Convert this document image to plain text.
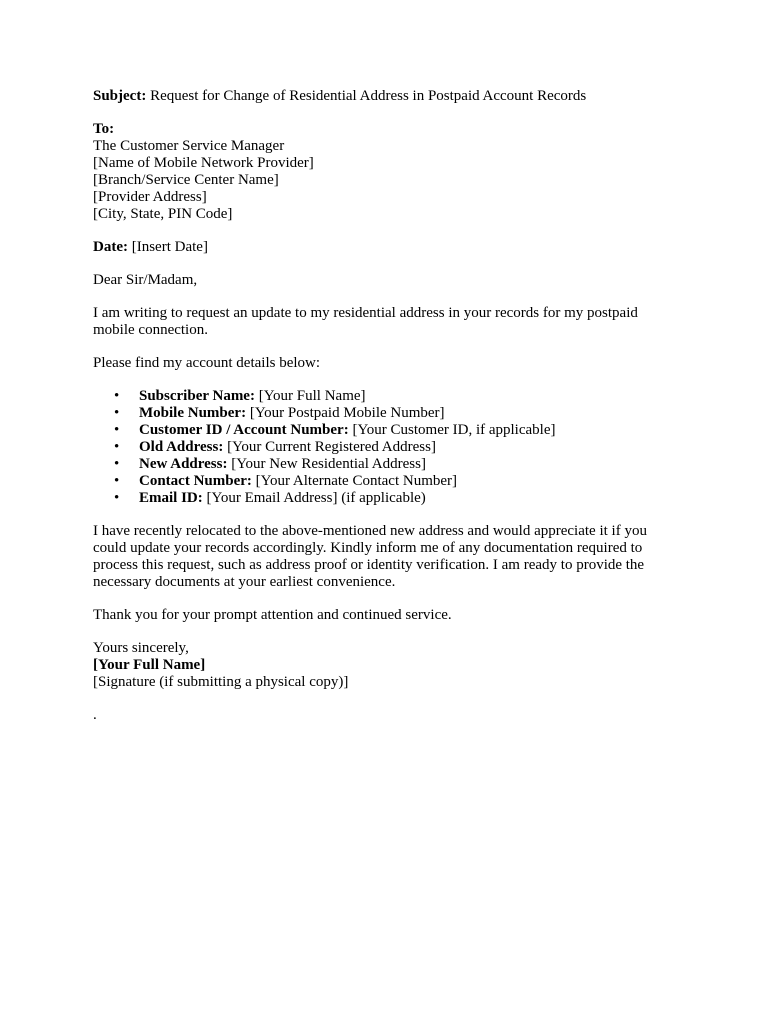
Subject: Request for Change of Residential Address in Postpaid Account Records

To:
The Customer Service Manager
[Name of Mobile Network Provider]
[Branch/Service Center Name]
[Provider Address]
[City, State, PIN Code]

Date: [Insert Date]

Dear Sir/Madam,

I am writing to request an update to my residential address in your records for my postpaid mobile connection.

Please find my account details below:

• Subscriber Name: [Your Full Name]
• Mobile Number: [Your Postpaid Mobile Number]
• Customer ID / Account Number: [Your Customer ID, if applicable]
• Old Address: [Your Current Registered Address]
• New Address: [Your New Residential Address]
• Contact Number: [Your Alternate Contact Number]
• Email ID: [Your Email Address] (if applicable)

I have recently relocated to the above-mentioned new address and would appreciate it if you could update your records accordingly. Kindly inform me of any documentation required to process this request, such as address proof or identity verification. I am ready to provide the necessary documents at your earliest convenience.

Thank you for your prompt attention and continued service.

Yours sincerely,
[Your Full Name]
[Signature (if submitting a physical copy)]
.
